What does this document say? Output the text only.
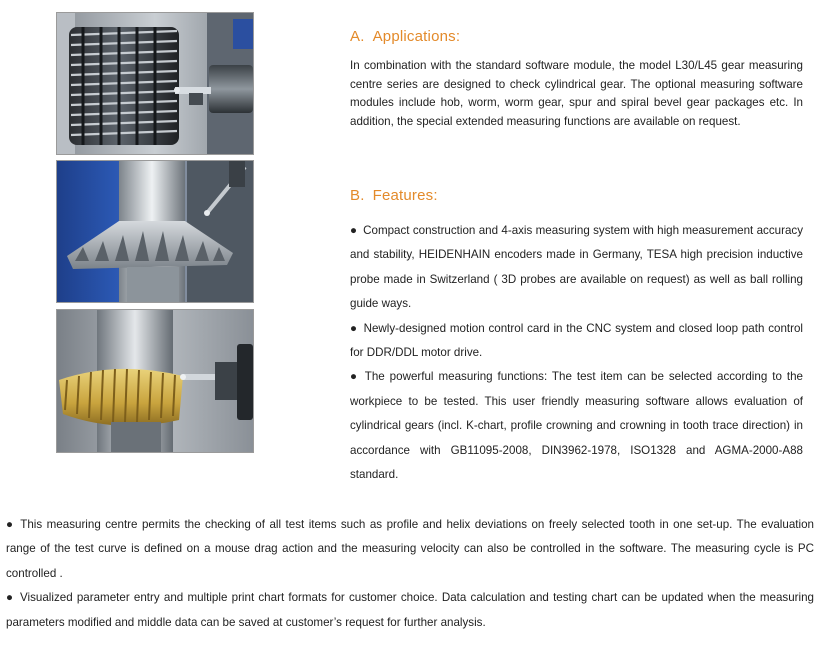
A. Applications:

In combination with the standard software module, the model L30/L45 gear measuring centre series are designed to check cylindrical gear. The optional measuring software modules include hob, worm, worm gear, spur and spiral bevel gear packages etc. In addition, the special extended measuring functions are available on request.

B. Features:

● Compact construction and 4-axis measuring system with high measurement accuracy and stability, HEIDENHAIN encoders made in Germany, TESA high precision inductive probe made in Switzerland ( 3D probes are available on request) as well as ball rolling guide ways.

● Newly-designed motion control card in the CNC system and closed loop path control for DDR/DDL motor drive.

● The powerful measuring functions: The test item can be selected according to the workpiece to be tested. This user friendly measuring software allows evaluation of cylindrical gears (incl. K-chart, profile crowning and crowning in tooth trace direction) in accordance with GB11095-2008, DIN3962-1978, ISO1328 and AGMA-2000-A88 standard.

● This measuring centre permits the checking of all test items such as profile and helix deviations on freely selected tooth in one set-up. The evaluation range of the test curve is defined on a mouse drag action and the measuring velocity can also be controlled in the software. The measuring cycle is PC controlled .

● Visualized parameter entry and multiple print chart formats for customer choice. Data calculation and testing chart can be updated when the measuring parameters modified and middle data can be saved at customer’s request for further analysis.
